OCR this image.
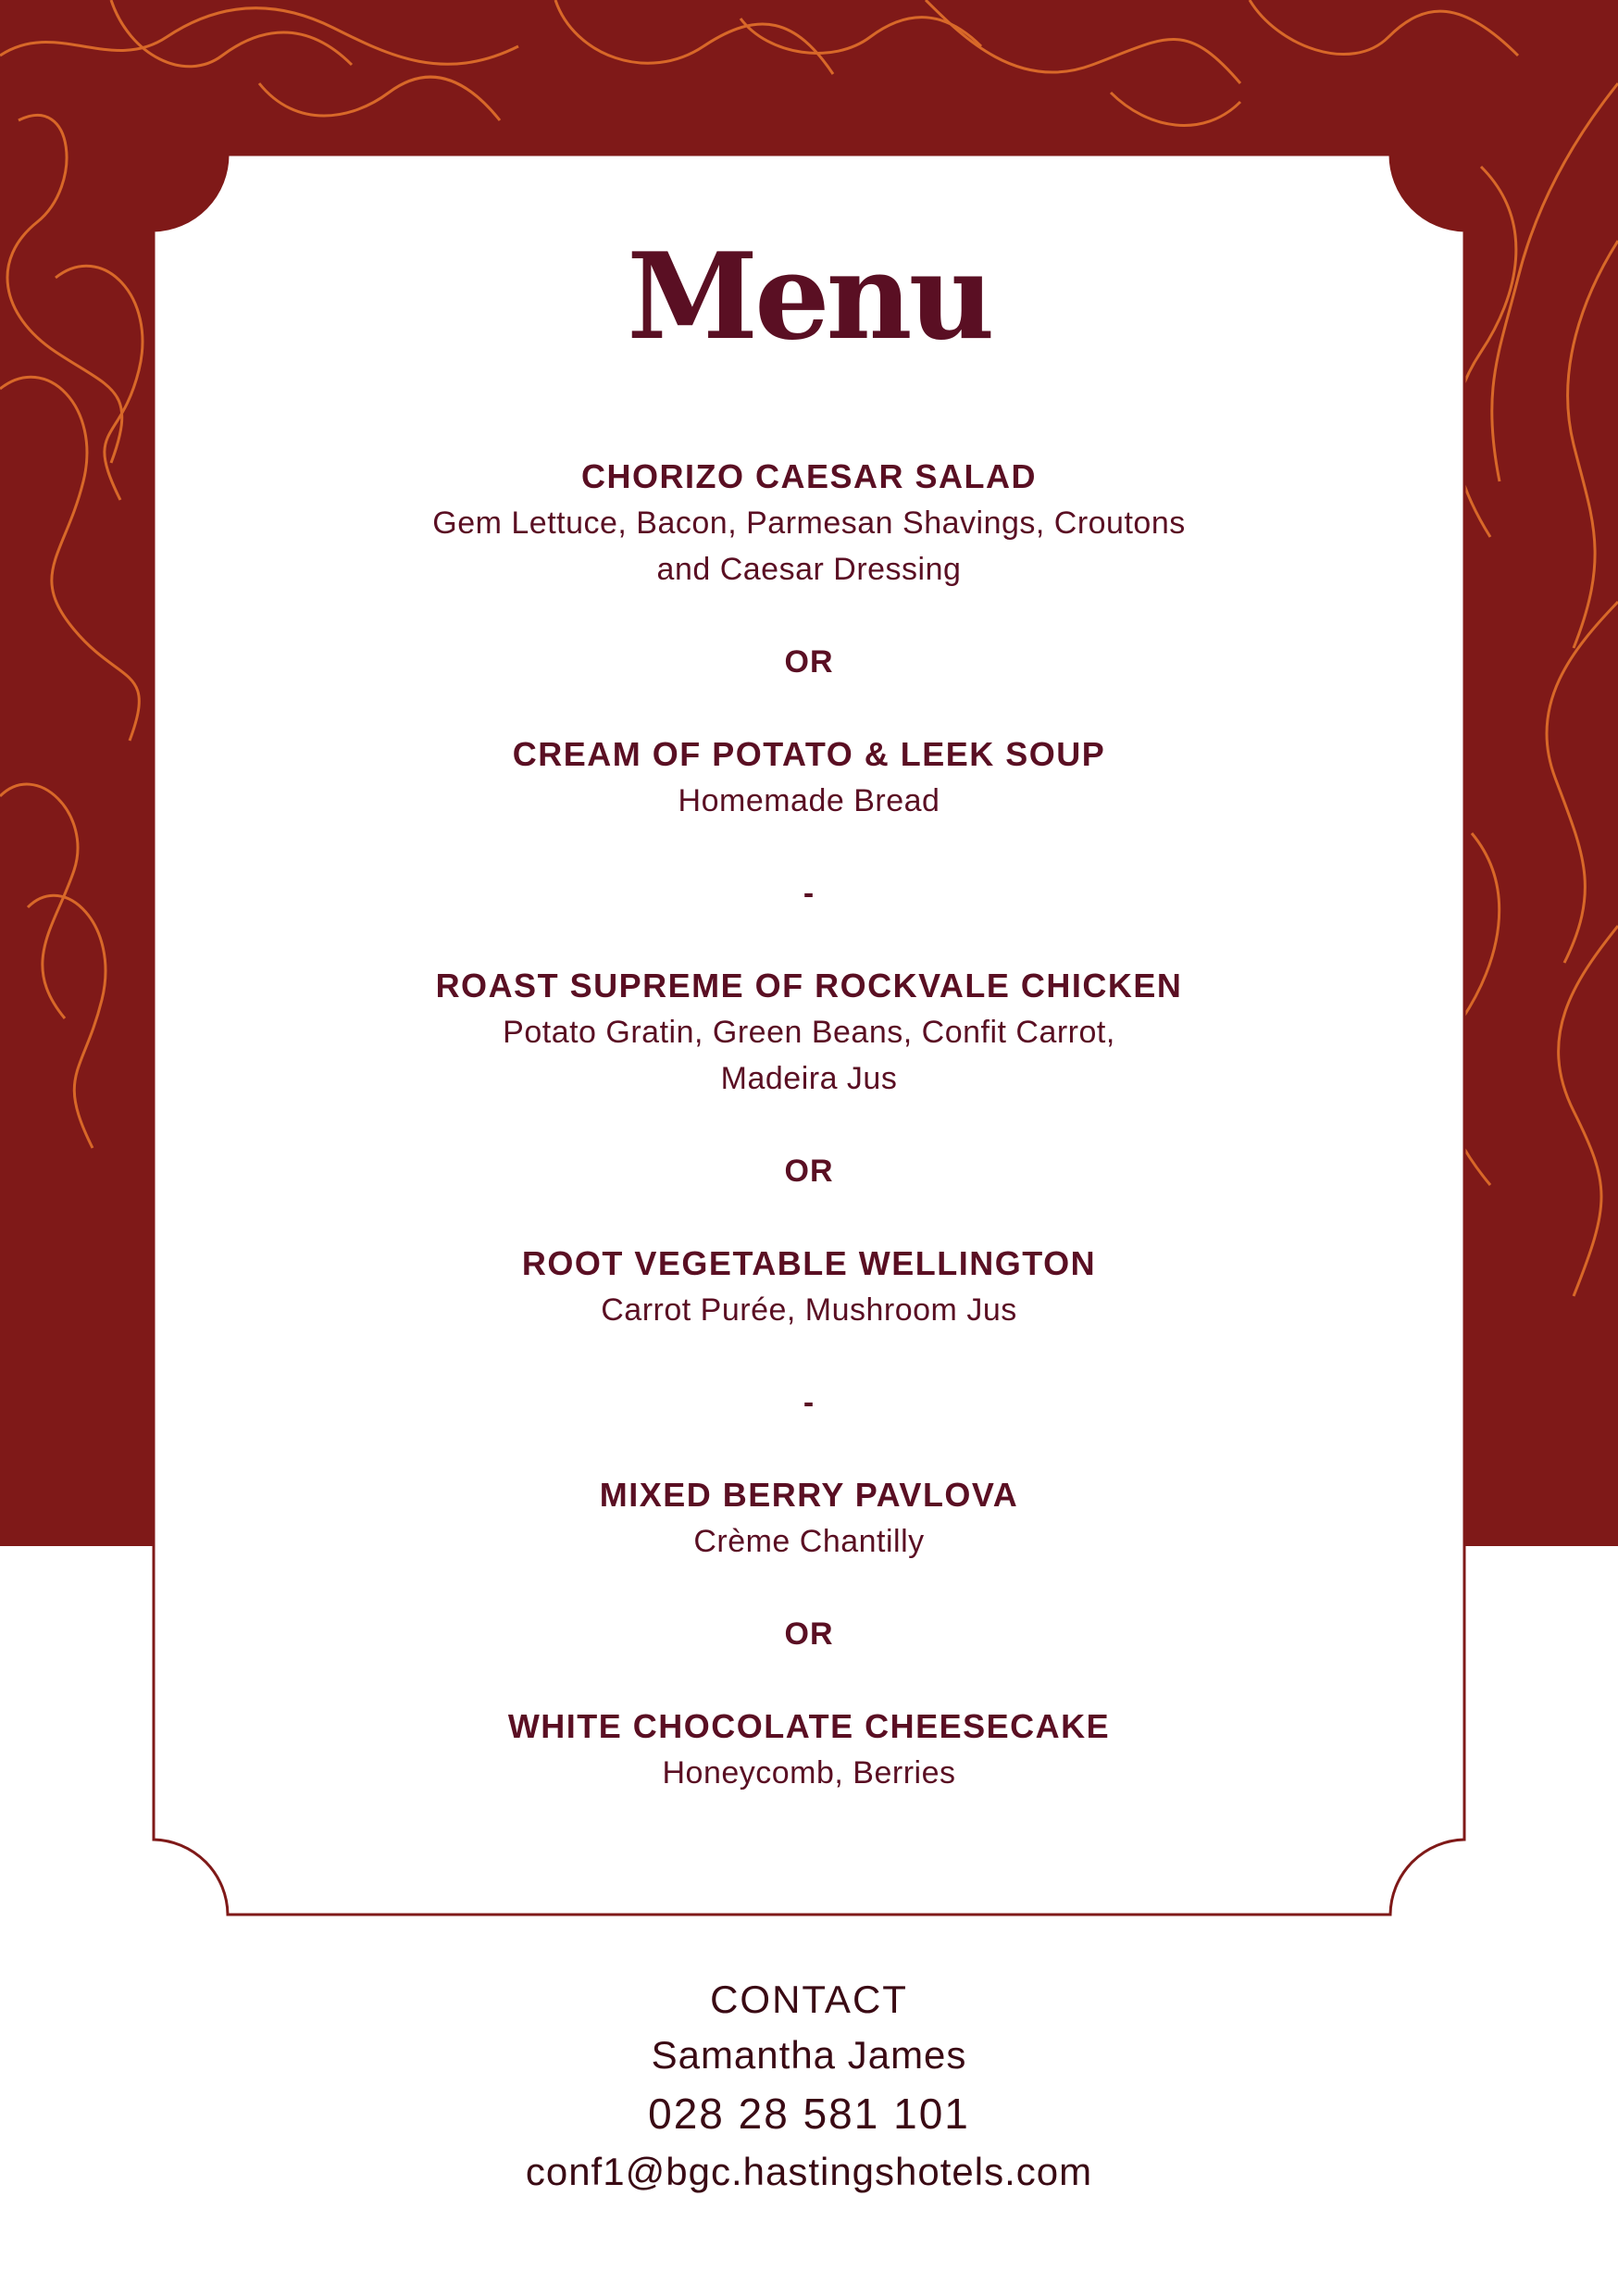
Menu
CHORIZO CAESAR SALAD
Gem Lettuce, Bacon, Parmesan Shavings, Croutons
and Caesar Dressing
OR
CREAM OF POTATO & LEEK SOUP
Homemade Bread
-
ROAST SUPREME OF ROCKVALE CHICKEN
Potato Gratin, Green Beans, Confit Carrot,
Madeira Jus
OR
ROOT VEGETABLE WELLINGTON
Carrot Purée, Mushroom Jus
-
MIXED BERRY PAVLOVA
Crème Chantilly
OR
WHITE CHOCOLATE CHEESECAKE
Honeycomb, Berries
CONTACT
Samantha James
028 28 581 101
conf1@bgc.hastingshotels.com
